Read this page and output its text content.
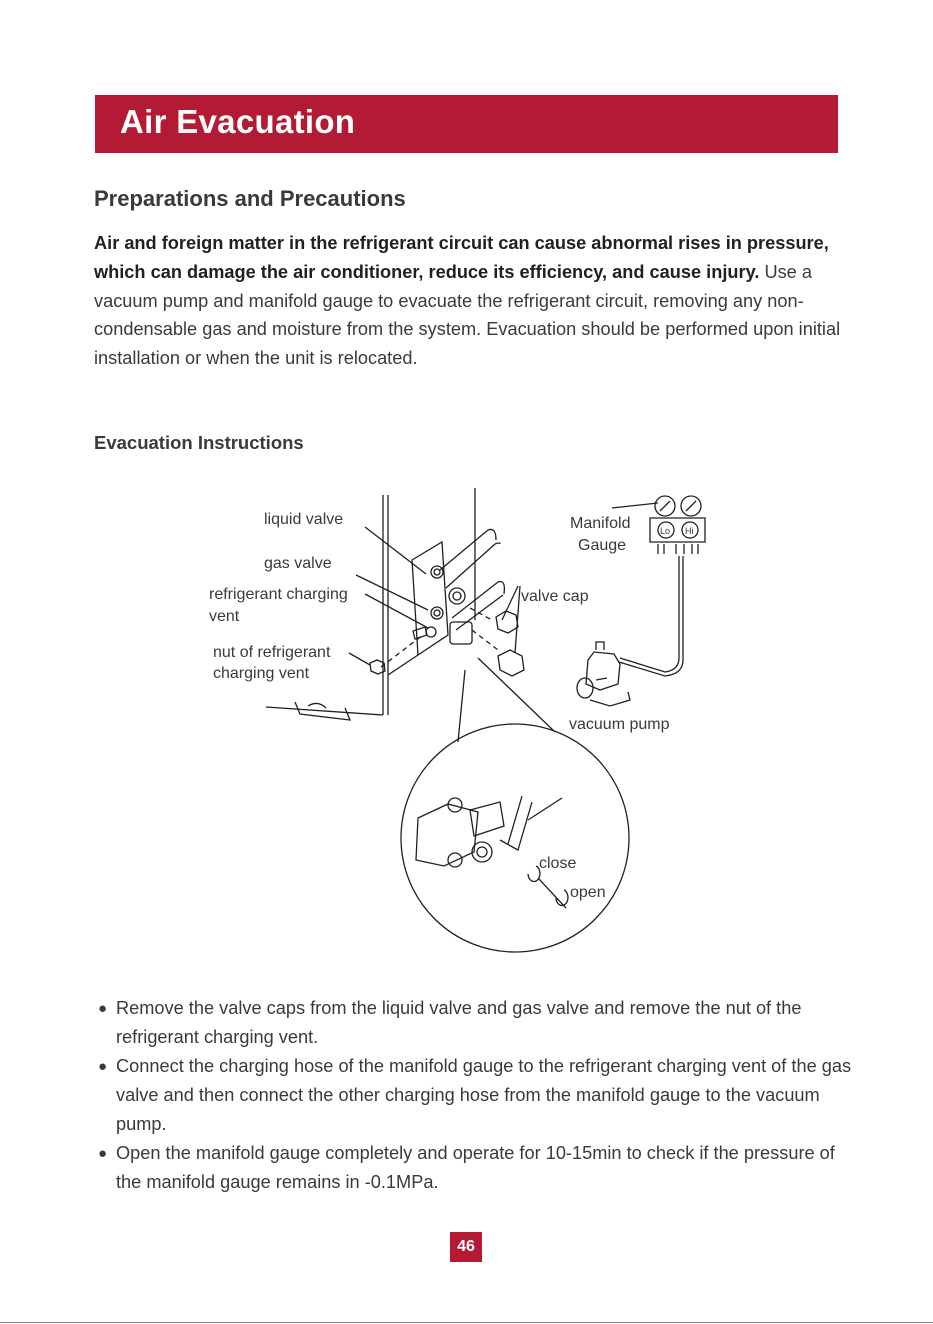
Air Evacuation
Preparations and Precautions

Air and foreign matter in the refrigerant circuit can cause abnormal rises in pressure, which can damage the air conditioner, reduce its efficiency, and cause injury. Use a vacuum pump and manifold gauge to evacuate the refrigerant circuit, removing any non-condensable gas and moisture from the system. Evacuation should be performed upon initial installation or when the unit is relocated.

Evacuation Instructions
liquid valve
gas valve
refrigerant charging
vent
nut of refrigerant
charging vent
valve cap
Manifold
Gauge
Lo Hi
vacuum pump
close
open
● Remove the valve caps from the liquid valve and gas valve and remove the nut of the refrigerant charging vent.
● Connect the charging hose of the manifold gauge to the refrigerant charging vent of the gas valve and then connect the other charging hose from the manifold gauge to the vacuum pump.
● Open the manifold gauge completely and operate for 10-15min to check if the pressure of the manifold gauge remains in -0.1MPa.
46
